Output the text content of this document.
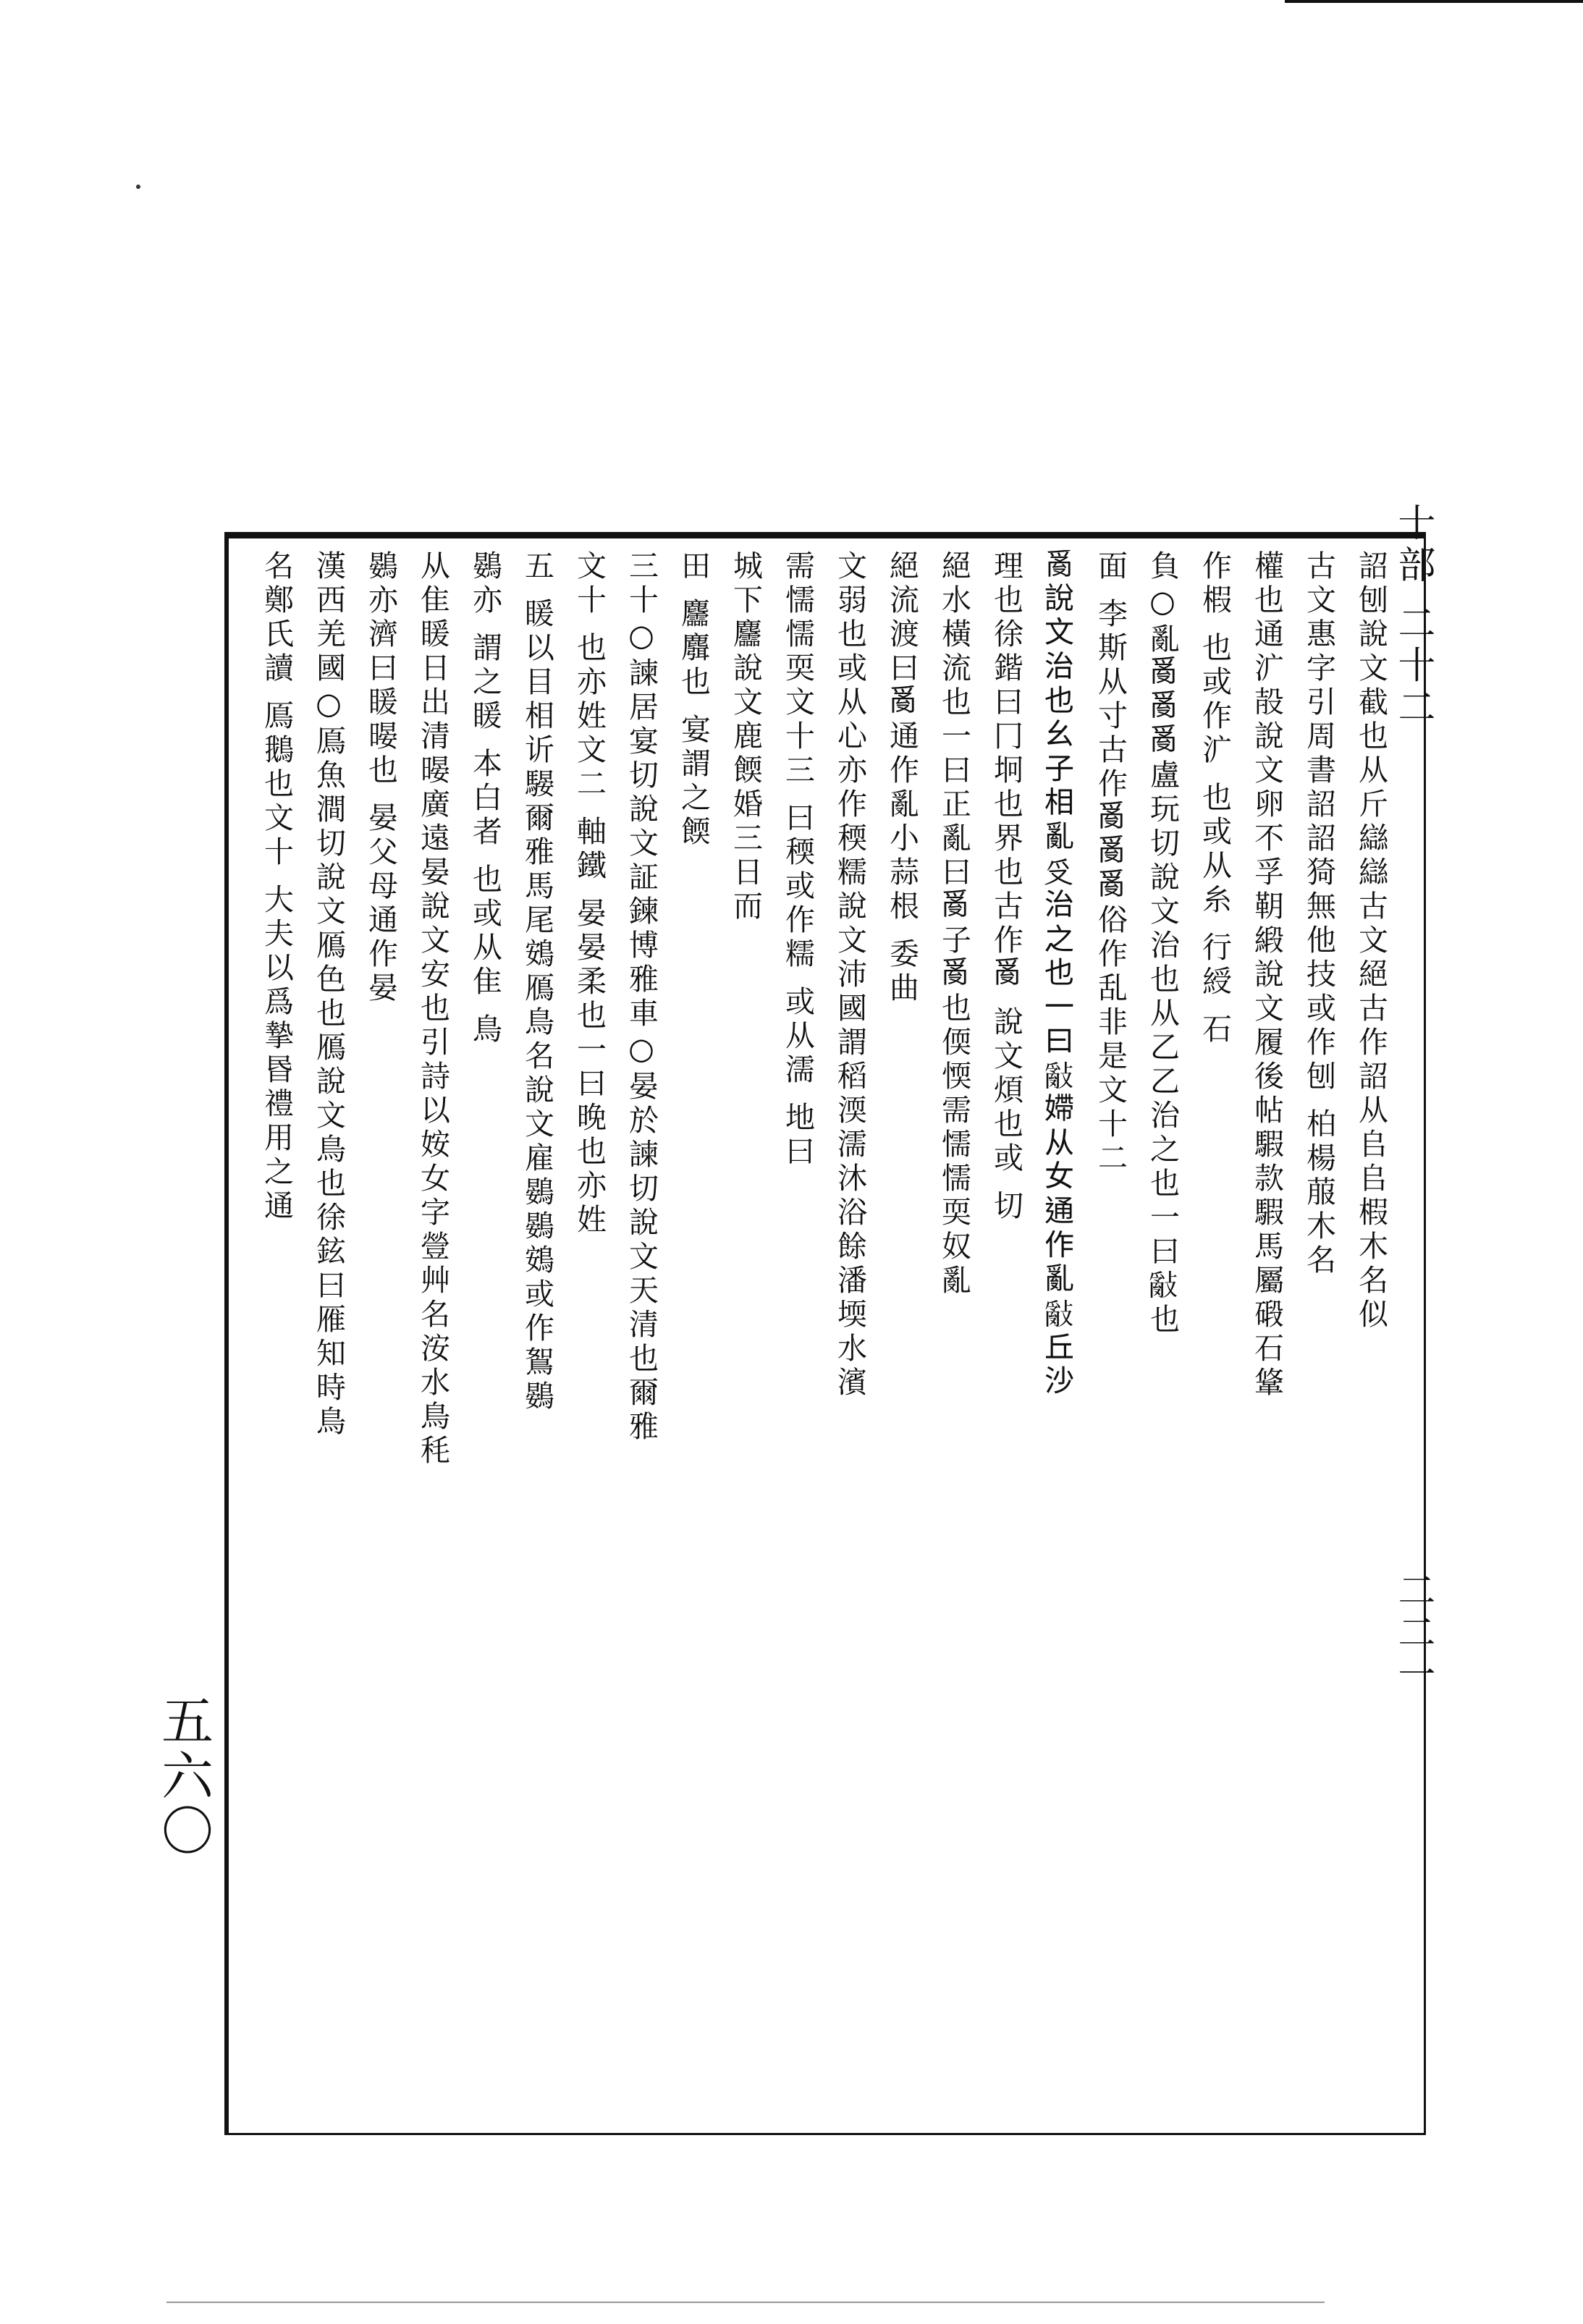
十部 二十二
二二一
詔刨說文截也从斤䜌䜌古文絕古作詔从𠂤𠂤椵木名似
古文惠字引周書詔詔猗無他技或作刨 柏楊菔木名
權也通㲿㱿說文卵不孚䩗緞說文履後帖騢款騢馬屬碫石䩦
作椵 也或作㲿 也或从糸 行綬 石
負○亂𤔔𤔔𤔔盧玩切說文治也从乙乙治之也一曰𢿢也
面 李斯从寸古作𤔔𤔔𤔔俗作乱非是文十二
𤔔說文治也幺子相亂𠬪治之也一曰𢿢𡠹从女通作亂𢿢丘沙
理也徐鍇曰冂坰也界也古作𤔔 說文煩也或 切
絕水橫流也一曰正亂曰𤔔子𤔔也偄愞需懦懦耎奴亂
絕流渡曰𤔔通作亂小蒜根 委曲
文弱也或从心亦作稬糯說文沛國謂稻渜濡沐浴餘潘堧水濱
需懦懦耎文十三 曰稬或作糯 或从濡 地曰
城下麢說文鹿餪婚三日而
田 麢麛也 宴謂之餪
三十○諫居宴切說文証鍊博雅車○晏於諫切說文天清也爾雅
文十 也亦姓文二 軸鐵 晏晏柔也一曰晚也亦姓
五 䁔以目相䜣騴爾雅馬尾鴳鴈鳥名說文雇鷃鷃鴳或作鴽鷃
鷃亦 謂之䁔 本白者 也或从隹 鳥
从隹䁔日出清暥廣遠晏說文安也引詩以姲女字䝁艸名洝水鳥秏
鷃亦濟曰䁔暥也 晏父母通作晏
漢西羌國○鳫魚澗切說文鴈色也鴈說文鳥也徐鉉曰雁知時鳥
名鄭氏讀 鳫鵝也文十 大夫以爲摯昬禮用之通
五六〇
